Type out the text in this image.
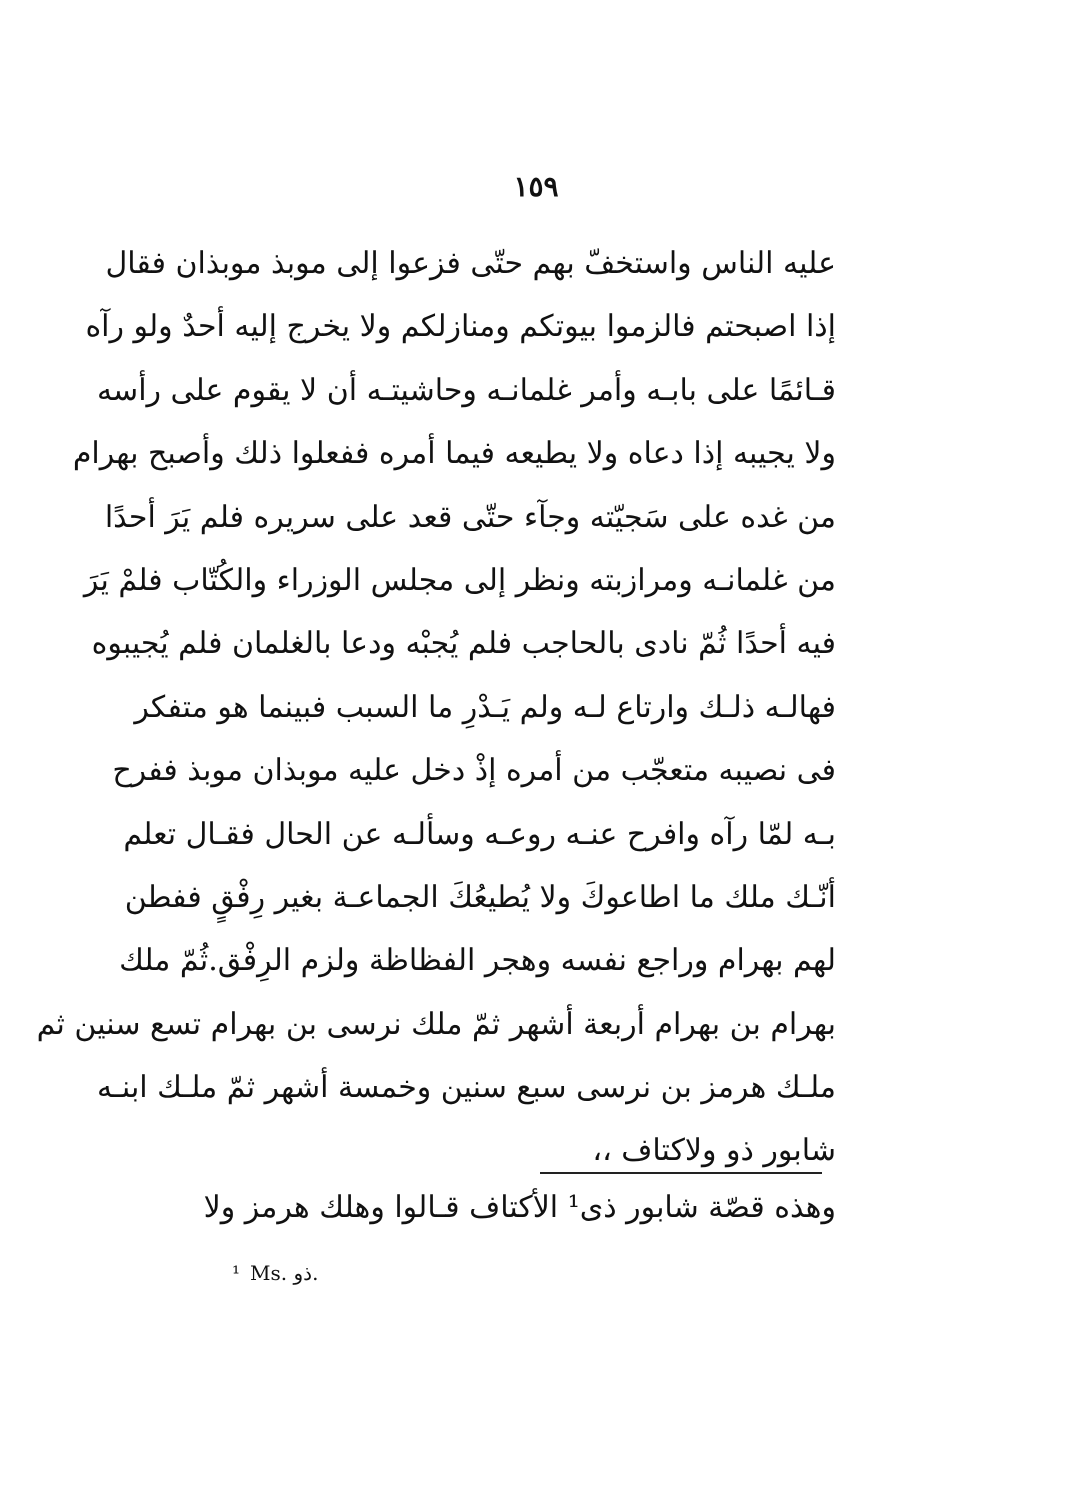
١٥٩
عليه الناس واستخفّ بهم حتّى فزعوا إلى موبذ موبذان فقال
إذا اصبحتم فالزموا بيوتكم ومنازلكم ولا يخرج إليه أحدٌ ولو رآه
قـائمًا على بابـه وأمر غلمانـه وحاشيتـه أن لا يقوم على رأسه
ولا يجيبه إذا دعاه ولا يطيعه فيما أمره ففعلوا ذلك وأصبح بهرام
من غده على سَجيّته وجآء حتّى قعد على سريره فلم يَرَ أحدًا
من غلمانـه ومرازبته ونظر إلى مجلس الوزراء والكُتّاب فلمْ يَرَ
فيه أحدًا ثُمّ نادى بالحاجب فلم يُجبْه ودعا بالغلمان فلم يُجيبوه
فهالـه ذلـك وارتاع لـه ولم يَـدْرِ ما السبب فبينما هو متفكر
فى نصيبه متعجّب من أمره إذْ دخل عليه موبذان موبذ ففرح
بـه لمّا رآه وافرح عنـه روعـه وسألـه عن الحال فقـال تعلم
أنّـك ملك ما اطاعوكَ ولا يُطيعُكَ الجماعـة بغير رِفْقٍ ففطن
لهم بهرام وراجع نفسه وهجر الفظاظة ولزم الرِفْق.ثُمّ ملك
بهرام بن بهرام أربعة أشهر ثمّ ملك نرسى بن بهرام تسع سنين ثم
ملـك هرمز بن نرسى سبع سنين وخمسة أشهر ثمّ ملـك ابنـه
شابور ذو ولاكتاف ،،
وهذه قصّة شابور ذى¹ الأكتاف قـالوا وهلك هرمز ولا
¹ Ms. ذو.
